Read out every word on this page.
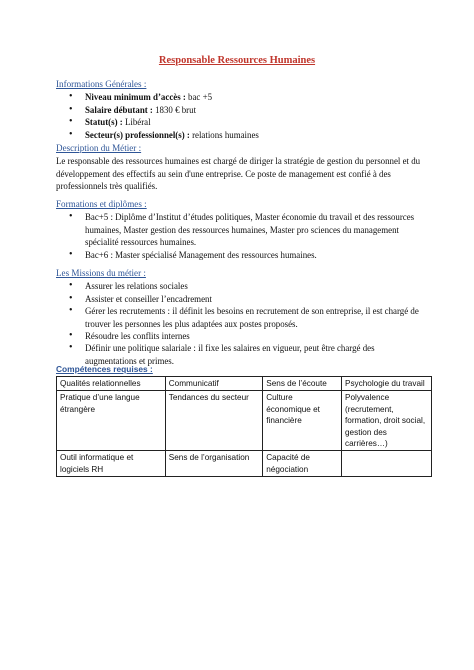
Responsable Ressources Humaines
Informations Générales :
• Niveau minimum d’accès : bac +5
• Salaire débutant : 1830 € brut
• Statut(s) : Libéral
• Secteur(s) professionnel(s) : relations humaines
Description du Métier :

Le responsable des ressources humaines est chargé de diriger la stratégie de gestion du personnel et du développement des effectifs au sein d'une entreprise. Ce poste de management est confié à des professionnels très qualifiés.

Formations et diplômes :
• Bac+5 : Diplôme d’Institut d’études politiques, Master économie du travail et des ressources humaines, Master gestion des ressources humaines, Master pro sciences du management spécialité ressources humaines.
• Bac+6 : Master spécialisé Management des ressources humaines.
Les Missions du métier :
• Assurer les relations sociales
• Assister et conseiller l’encadrement
• Gérer les recrutements : il définit les besoins en recrutement de son entreprise, il est chargé de trouver les personnes les plus adaptées aux postes proposés.
• Résoudre les conflits internes
• Définir une politique salariale : il fixe les salaires en vigueur, peut être chargé des augmentations et primes.
Compétences requises :
Qualités relationnelles	Communicatif	Sens de l’écoute	Psychologie du travail
Pratique d’une langue étrangère	Tendances du secteur	Culture économique et financière	Polyvalence (recrutement, formation, droit social, gestion des carrières…)
Outil informatique et logiciels RH	Sens de l’organisation	Capacité de négociation	
